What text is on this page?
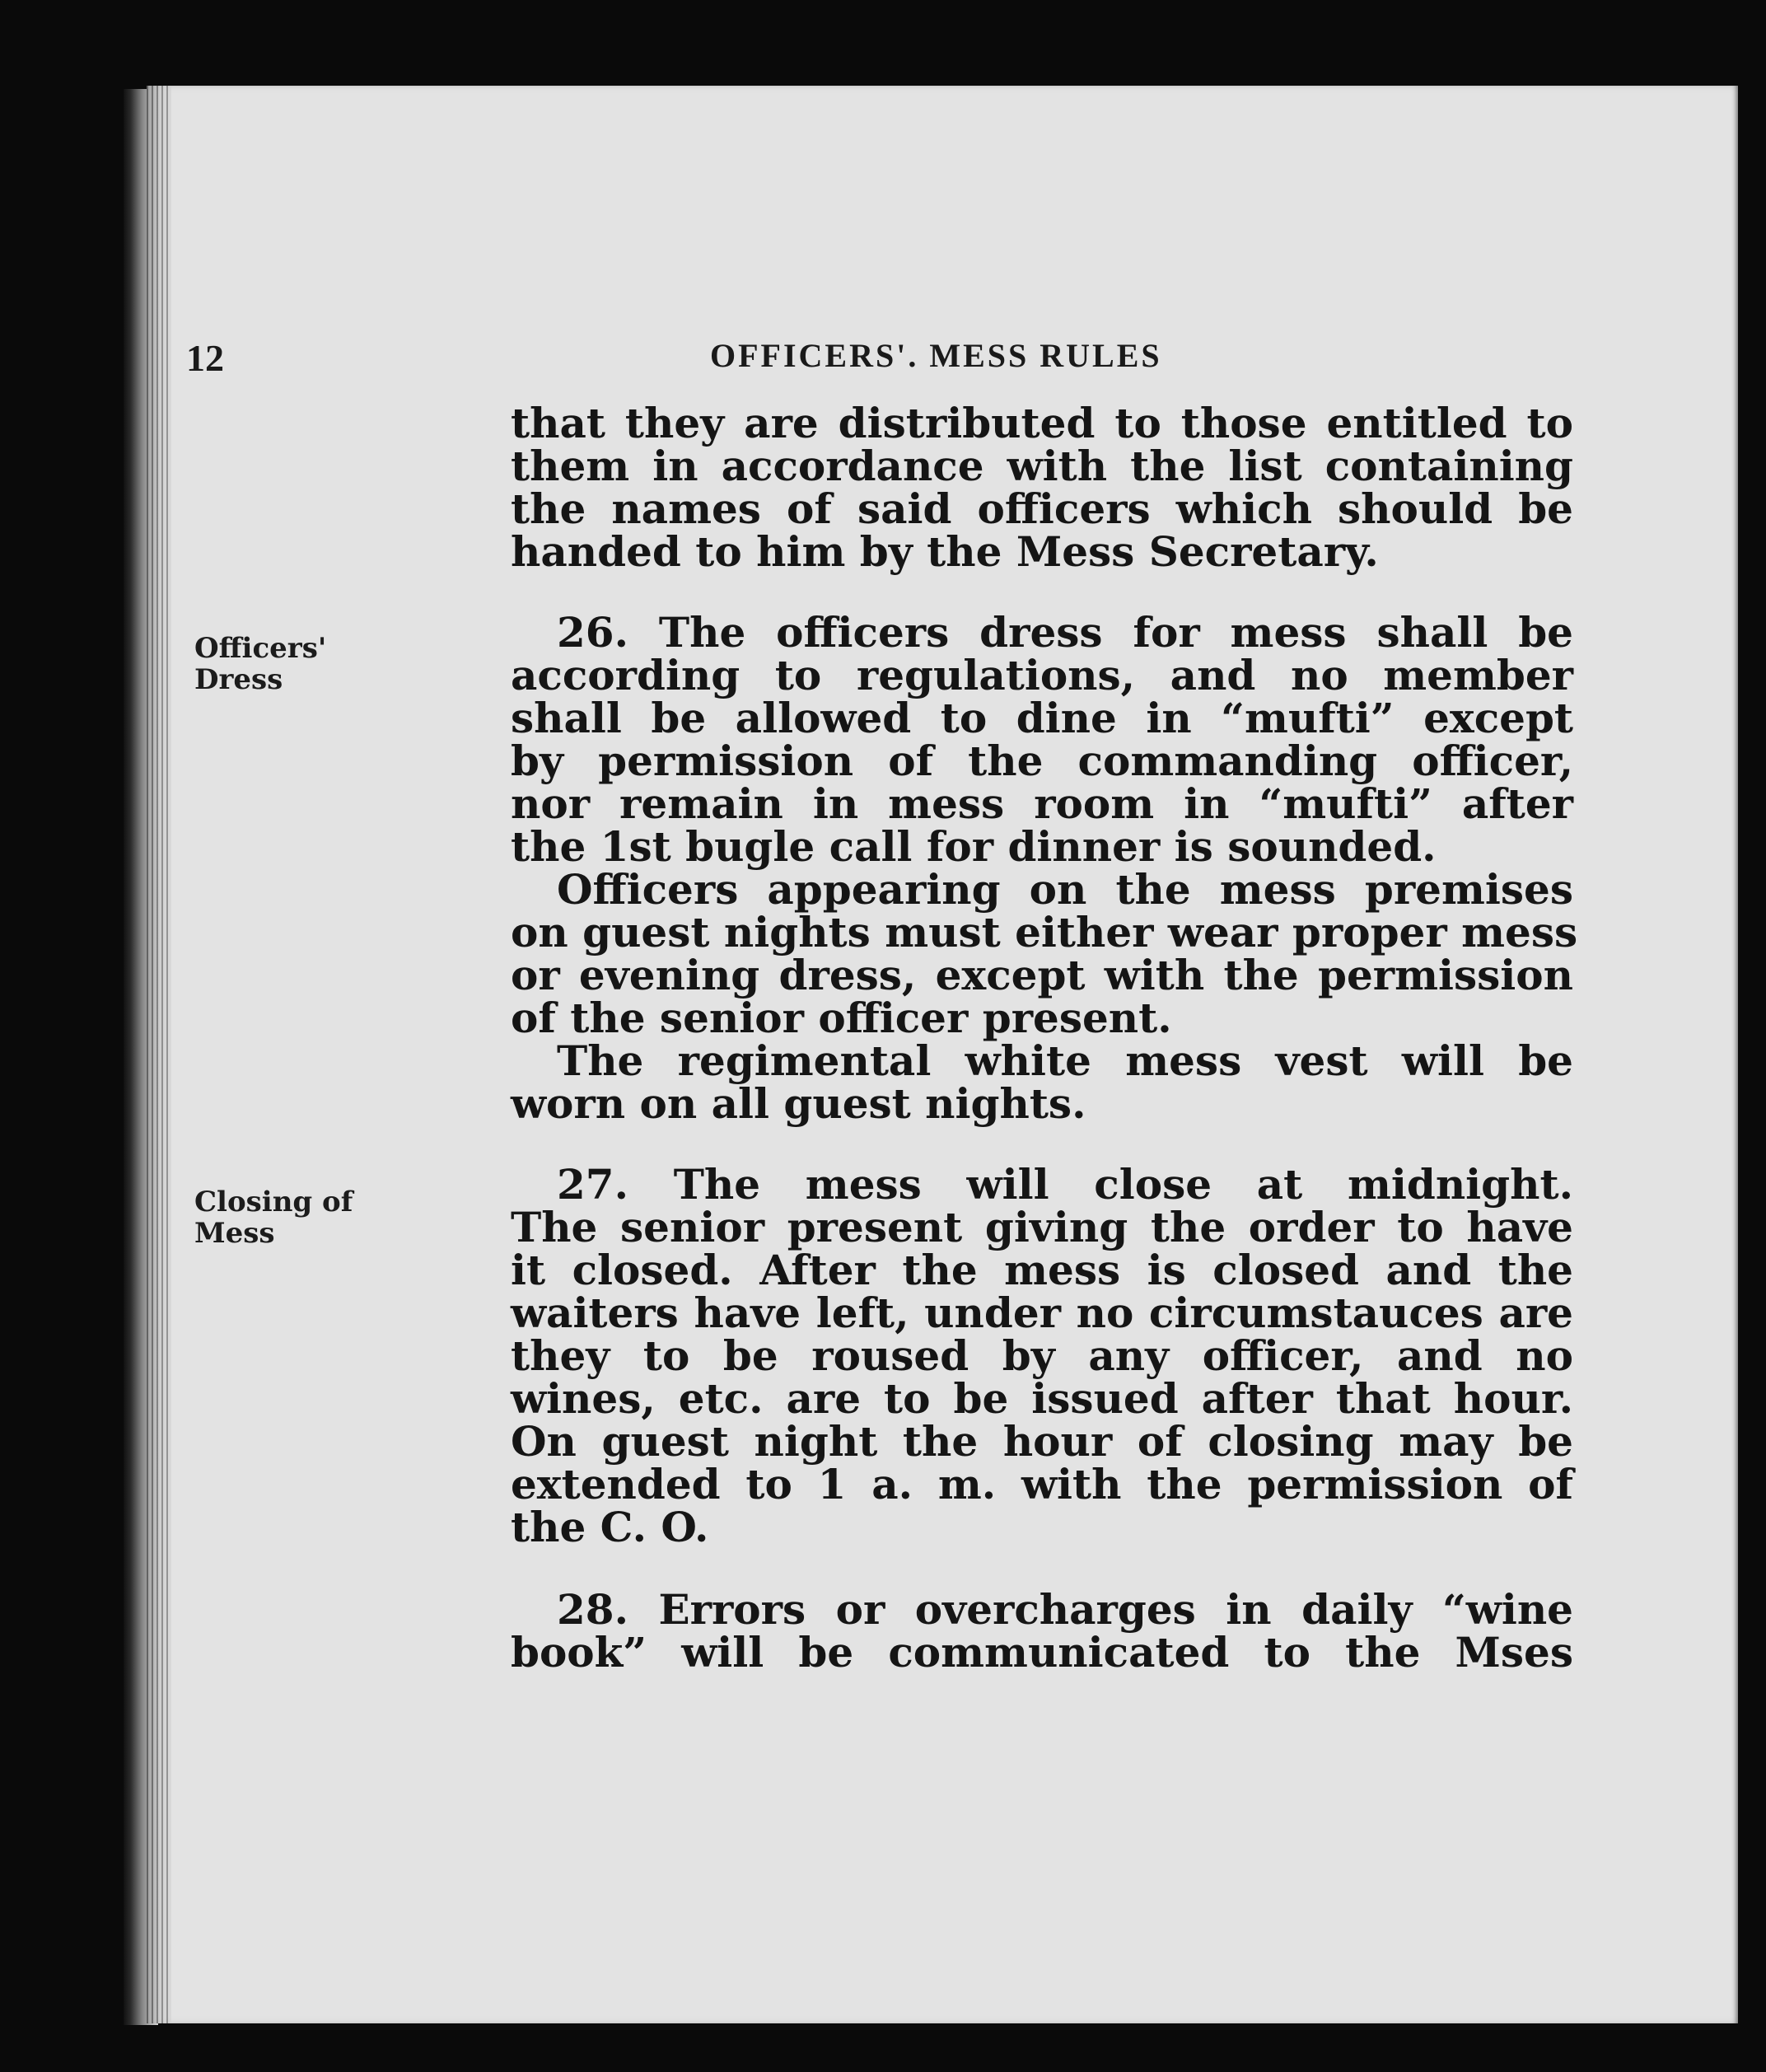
12	OFFICERS'. MESS RULES
Officers'
Dress
Closing of
Mess
that they are distributed to those entitled to
them in accordance with the list containing
the names of said officers which should be
handed to him by the Mess Secretary.
26. The officers dress for mess shall be
according to regulations, and no member
shall be allowed to dine in “mufti” except
by permission of the commanding officer,
nor remain in mess room in “mufti” after
the 1st bugle call for dinner is sounded.
Officers appearing on the mess premises
on guest nights must either wear proper mess
or evening dress, except with the permission
of the senior officer present.
The regimental white mess vest will be
worn on all guest nights.
27. The mess will close at midnight.
The senior present giving the order to have
it closed. After the mess is closed and the
waiters have left, under no circumstauces are
they to be roused by any officer, and no
wines, etc. are to be issued after that hour.
On guest night the hour of closing may be
extended to 1 a. m. with the permission of
the C. O.
28. Errors or overcharges in daily “wine
book” will be communicated to the Mses
